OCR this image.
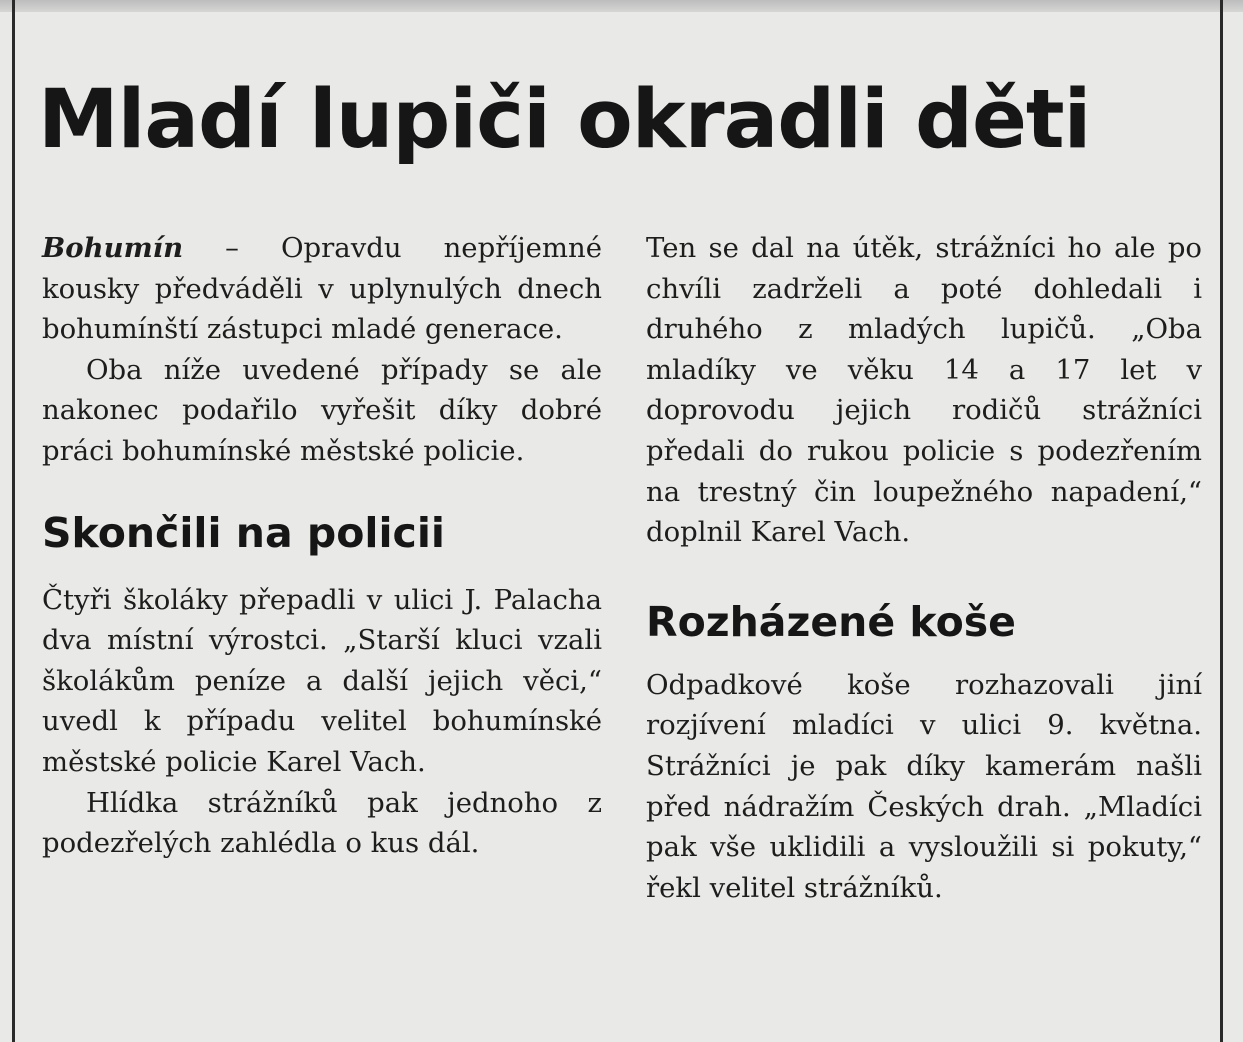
Mladí lupiči okradli děti

Bohumín – Opravdu nepříjemné kousky předváděli v uplynulých dnech bohumínští zástupci mladé generace.

Oba níže uvedené případy se ale nakonec podařilo vyřešit díky dobré práci bohumínské městské policie.

Skončili na policii

Čtyři školáky přepadli v ulici J. Palacha dva místní výrostci. „Starší kluci vzali školákům peníze a další jejich věci,“ uvedl k případu velitel bohumínské městské policie Karel Vach.

Hlídka strážníků pak jednoho z podezřelých zahlédla o kus dál.

Ten se dal na útěk, strážníci ho ale po chvíli zadrželi a poté dohledali i druhého z mladých lupičů. „Oba mladíky ve věku 14 a 17 let v doprovodu jejich rodičů strážníci předali do rukou policie s podezřením na trestný čin loupežného napadení,“ doplnil Karel Vach.

Rozházené koše

Odpadkové koše rozhazovali jiní rozjívení mladíci v ulici 9. května. Strážníci je pak díky kamerám našli před nádražím Českých drah. „Mladíci pak vše uklidili a vysloužili si pokuty,“ řekl velitel strážníků.
